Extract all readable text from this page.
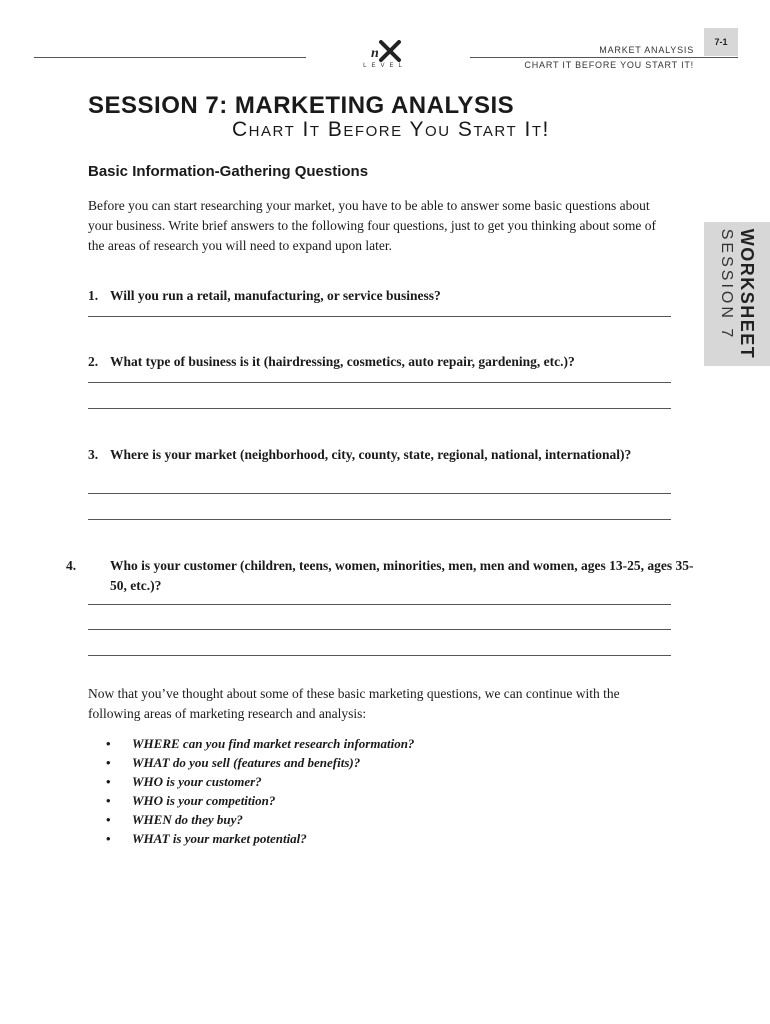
n
LEVEL
MARKET ANALYSIS
CHART IT BEFORE YOU START IT!
7-1
WORKSHEET
SESSION 7
SESSION 7: MARKETING ANALYSIS
Chart It Before You Start It!
Basic Information-Gathering Questions
Before you can start researching your market, you have to be able to answer some basic questions about your business. Write brief answers to the following four questions, just to get you thinking about some of the areas of research you will need to expand upon later.
1. Will you run a retail, manufacturing, or service business?
2. What type of business is it (hairdressing, cosmetics, auto repair, gardening, etc.)?
3. Where is your market (neighborhood, city, county, state, regional, national, international)?
4.	Who is your customer (children, teens, women, minorities, men, men and women, ages 13-25, ages 35-50, etc.)?
Now that you’ve thought about some of these basic marketing questions, we can continue with the following areas of marketing research and analysis:
• WHERE can you find market research information?
• WHAT do you sell (features and benefits)?
• WHO is your customer?
• WHO is your competition?
• WHEN do they buy?
• WHAT is your market potential?
